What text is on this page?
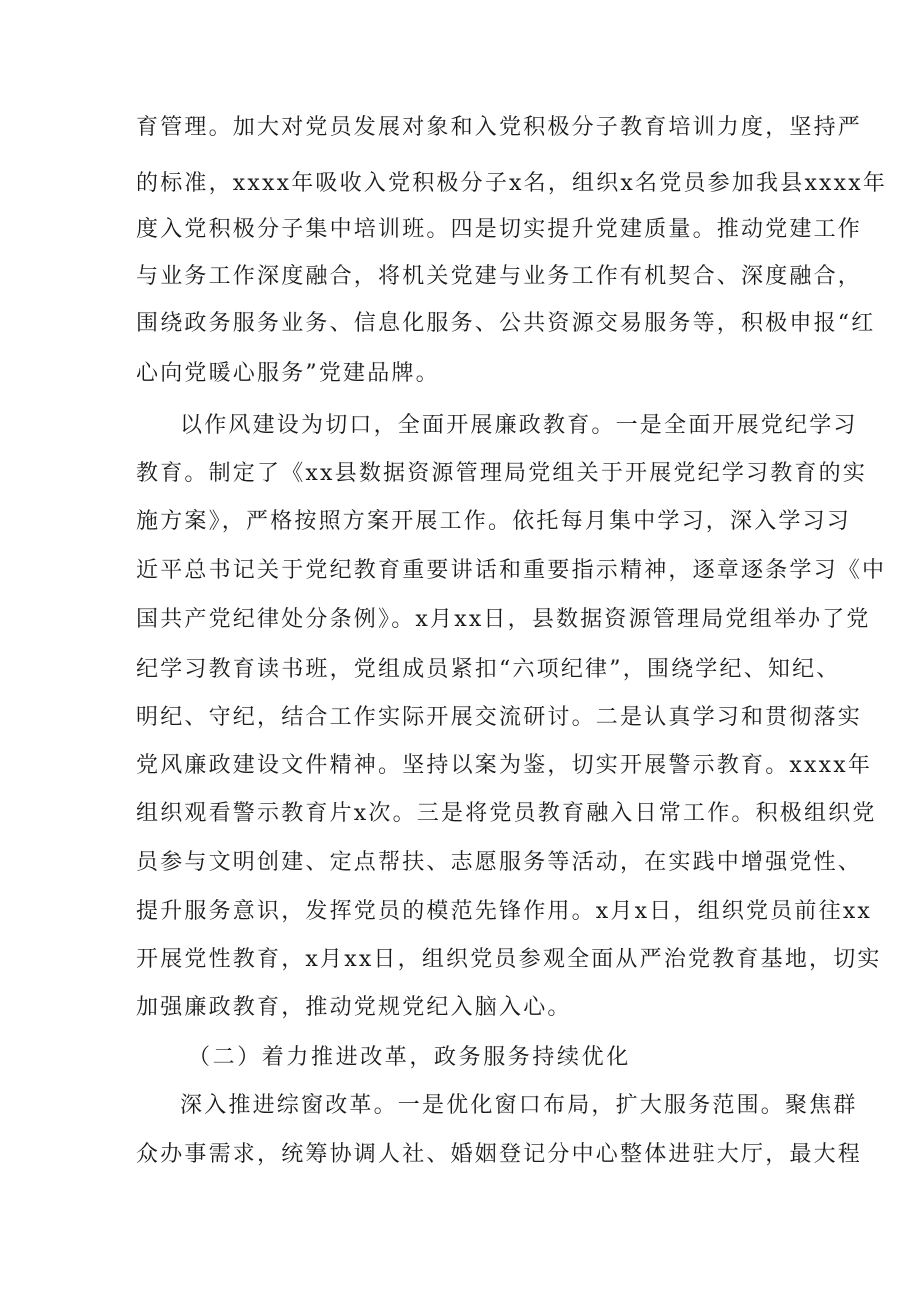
育管理。加大对党员发展对象和入党积极分子教育培训力度，坚持严
的标准，xxxx年吸收入党积极分子x名，组织x名党员参加我县xxxx年
度入党积极分子集中培训班。四是切实提升党建质量。推动党建工作
与业务工作深度融合，将机关党建与业务工作有机契合、深度融合，
围绕政务服务业务、信息化服务、公共资源交易服务等，积极申报“红
心向党暖心服务”党建品牌。
以作风建设为切口，全面开展廉政教育。一是全面开展党纪学习
教育。制定了《xx县数据资源管理局党组关于开展党纪学习教育的实
施方案》，严格按照方案开展工作。依托每月集中学习，深入学习习
近平总书记关于党纪教育重要讲话和重要指示精神，逐章逐条学习《中
国共产党纪律处分条例》。x月xx日，县数据资源管理局党组举办了党
纪学习教育读书班，党组成员紧扣“六项纪律”，围绕学纪、知纪、
明纪、守纪，结合工作实际开展交流研讨。二是认真学习和贯彻落实
党风廉政建设文件精神。坚持以案为鉴，切实开展警示教育。xxxx年
组织观看警示教育片x次。三是将党员教育融入日常工作。积极组织党
员参与文明创建、定点帮扶、志愿服务等活动，在实践中增强党性、
提升服务意识，发挥党员的模范先锋作用。x月x日，组织党员前往xx
开展党性教育，x月xx日，组织党员参观全面从严治党教育基地，切实
加强廉政教育，推动党规党纪入脑入心。
（二）着力推进改革，政务服务持续优化
深入推进综窗改革。一是优化窗口布局，扩大服务范围。聚焦群
众办事需求，统筹协调人社、婚姻登记分中心整体进驻大厅，最大程
